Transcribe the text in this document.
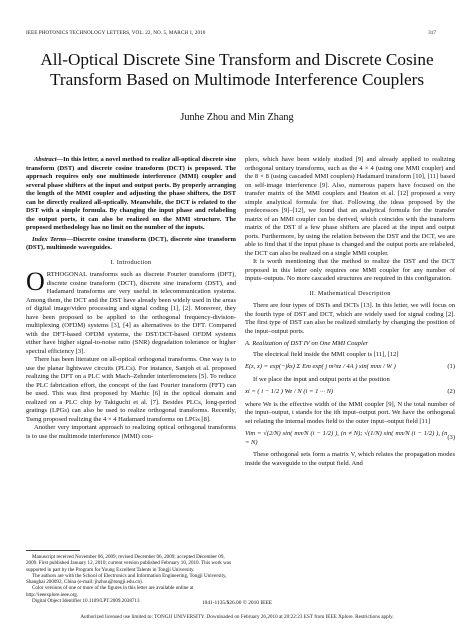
IEEE PHOTONICS TECHNOLOGY LETTERS, VOL. 22, NO. 5, MARCH 1, 2010	317
All-Optical Discrete Sine Transform and Discrete Cosine Transform Based on Multimode Interference Couplers
Junhe Zhou and Min Zhang

Abstract—In this letter, a novel method to realize all-optical discrete sine transform (DST) and discrete cosine transform (DCT) is proposed. The approach requires only one multimode interference (MMI) coupler and several phase shifters at the input and output ports. By properly arranging the length of the MMI coupler and adjusting the phase shifters, the DST can be directly realized all-optically. Meanwhile, the DCT is related to the DST with a simple formula. By changing the input phase and relabeling the output ports, it can also be realized on the MMI structure. The proposed methodology has no limit on the number of the inputs.

Index Terms—Discrete cosine transform (DCT), discrete sine transform (DST), multimode waveguides.

I. Introduction

ORTHOGONAL transforms such as discrete Fourier transform (DFT), discrete cosine transform (DCT), discrete sine transform (DST), and Hadamard transforms are very useful in telecommunication systems. Among them, the DCT and the DST have already been widely used in the areas of digital image/video processing and signal coding [1], [2]. Moreover, they have been proposed to be applied to the orthogonal frequency-division-multiplexing (OFDM) systems [3], [4] as alternatives to the DFT. Compared with the DFT-based OFDM systems, the DST/DCT-based OFDM systems either have higher signal-to-noise ratio (SNR) degradation tolerance or higher spectral efficiency [3].

There has been literature on all-optical orthogonal transforms. One way is to use the planar lightwave circuits (PLCs). For instance, Sanjoh et al. proposed realizing the DFT on a PLC with Mach–Zehnder interferometers [5]. To reduce the PLC fabrication effort, the concept of the fast Fourier transform (FFT) can be used. This was first proposed by Marhic [6] in the optical domain and realized on a PLC chip by Takiguchi et al. [7]. Besides PLCs, long-period gratings (LPGs) can also be used to realize orthogonal transforms. Recently, Tseng proposed realizing the 4 × 4 Hadamard transforms on LPGs [8].

Another very important approach to realizing optical orthogonal transforms is to use the multimode interference (MMI) cou-

Manuscript received November 06, 2009; revised December 06, 2009; accepted December 09, 2009. First published January 12, 2010; current version published February 10, 2010. This work was supported in part by the Program for Young Excellent Talents in Tongji University.

The authors are with the School of Electronics and Information Engineering, Tongji University, Shanghai 200092, China (e-mail: jhzhou@tongji.edu.cn).

Color versions of one or more of the figures in this letter are available online at http://ieeexplore.ieee.org.

Digital Object Identifier 10.1109/LPT.2009.2038713

plers, which have been widely studied [9] and already applied to realizing orthogonal unitary transforms, such as the 4 × 4 (using one MMI coupler) and the 8 × 8 (using cascaded MMI couplers) Hadamard transform [10], [11] based on self-image interference [9]. Also, numerous papers have focused on the transfer matrix of the MMI couplers and Heaton et al. [12] proposed a very simple analytical formula for that. Following the ideas proposed by the predecessors [9]–[12], we found that an analytical formula for the transfer matrix of an MMI coupler can be derived, which coincides with the transform matrix of the DST if a few phase shifters are placed at the input and output ports. Furthermore, by using the relation between the DST and the DCT, we are able to find that if the input phase is changed and the output ports are relabeled, the DCT can also be realized on a single MMI coupler.

It is worth mentioning that the method to realize the DST and the DCT proposed in this letter only requires one MMI coupler for any number of inputs–outputs. No more cascaded structures are required in this configuration.

II. Mathematical Description

There are four types of DSTs and DCTs [13]. In this letter, we will focus on the fourth type of DST and DCT, which are widely used for signal coding [2]. The first type of DST can also be realized similarly by changing the position of the input–output ports.

A. Realization of DST IV on One MMI Coupler

The electrical field inside the MMI coupler is [11], [12]

E(z, x) = exp(−jks) Σ Em exp( j m²πz / 4A ) sin( mπx / W )	(1)

If we place the input and output ports at the position

xi = ( i − 1/2 ) We / N (i = 1 ··· N)	(2)

where We is the effective width of the MMI coupler [9], N the total number of the input–output, i stands for the ith input–output port. We have the orthogonal set relating the internal modes field to the outer input–output field [11]

Vim = √(2/N) sin( mπ/N (i − 1/2) ), (n ≠ N); √(1/N) sin( mπ/N (i − 1/2) ), (n = N)
(3)

These orthogonal sets form a matrix V, which relates the propagation modes inside the waveguide to the output field. And

1041-1135/$26.00 © 2010 IEEE
Authorized licensed use limited to: TONGJI UNIVERSITY. Downloaded on February 26,2010 at 20:22:23 EST from IEEE Xplore. Restrictions apply.
